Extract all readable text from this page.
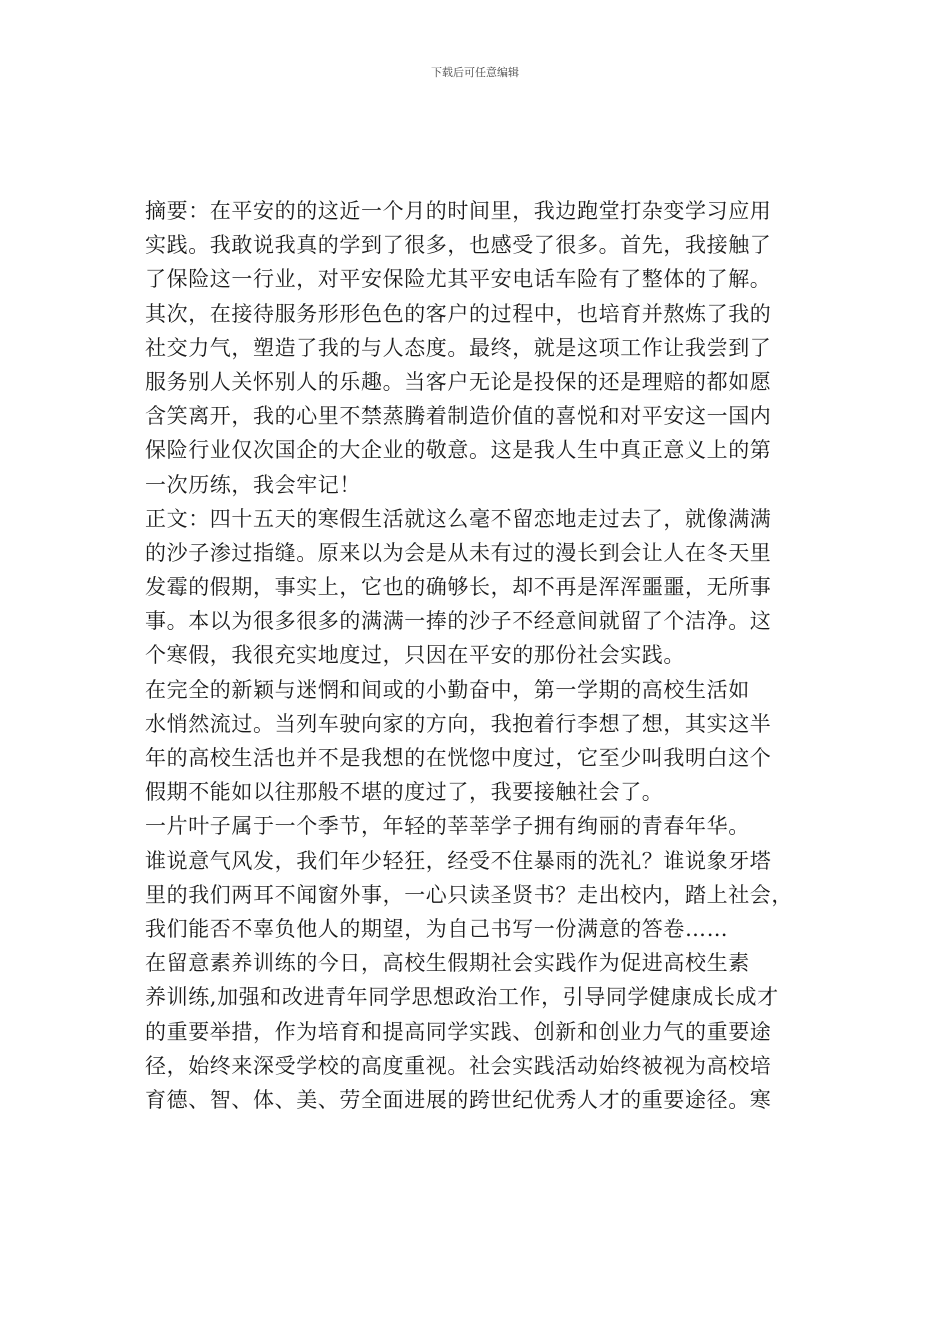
下载后可任意编辑
摘要：在平安的的这近一个月的时间里，我边跑堂打杂变学习应用
实践。我敢说我真的学到了很多，也感受了很多。首先，我接触了
了保险这一行业，对平安保险尤其平安电话车险有了整体的了解。
其次，在接待服务形形色色的客户的过程中，也培育并熬炼了我的
社交力气，塑造了我的与人态度。最终，就是这项工作让我尝到了
服务别人关怀别人的乐趣。当客户无论是投保的还是理赔的都如愿
含笑离开，我的心里不禁蒸腾着制造价值的喜悦和对平安这一国内
保险行业仅次国企的大企业的敬意。这是我人生中真正意义上的第
一次历练，我会牢记！
正文：四十五天的寒假生活就这么毫不留恋地走过去了，就像满满
的沙子渗过指缝。原来以为会是从未有过的漫长到会让人在冬天里
发霉的假期，事实上，它也的确够长，却不再是浑浑噩噩，无所事
事。本以为很多很多的满满一捧的沙子不经意间就留了个洁净。这
个寒假，我很充实地度过，只因在平安的那份社会实践。
在完全的新颖与迷惘和间或的小勤奋中，第一学期的高校生活如
水悄然流过。当列车驶向家的方向，我抱着行李想了想，其实这半
年的高校生活也并不是我想的在恍惚中度过，它至少叫我明白这个
假期不能如以往那般不堪的度过了，我要接触社会了。
一片叶子属于一个季节，年轻的莘莘学子拥有绚丽的青春年华。
谁说意气风发，我们年少轻狂，经受不住暴雨的洗礼？谁说象牙塔
里的我们两耳不闻窗外事，一心只读圣贤书？走出校内，踏上社会，
我们能否不辜负他人的期望，为自己书写一份满意的答卷……
在留意素养训练的今日，高校生假期社会实践作为促进高校生素
养训练,加强和改进青年同学思想政治工作，引导同学健康成长成才
的重要举措，作为培育和提高同学实践、创新和创业力气的重要途
径，始终来深受学校的高度重视。社会实践活动始终被视为高校培
育德、智、体、美、劳全面进展的跨世纪优秀人才的重要途径。寒
